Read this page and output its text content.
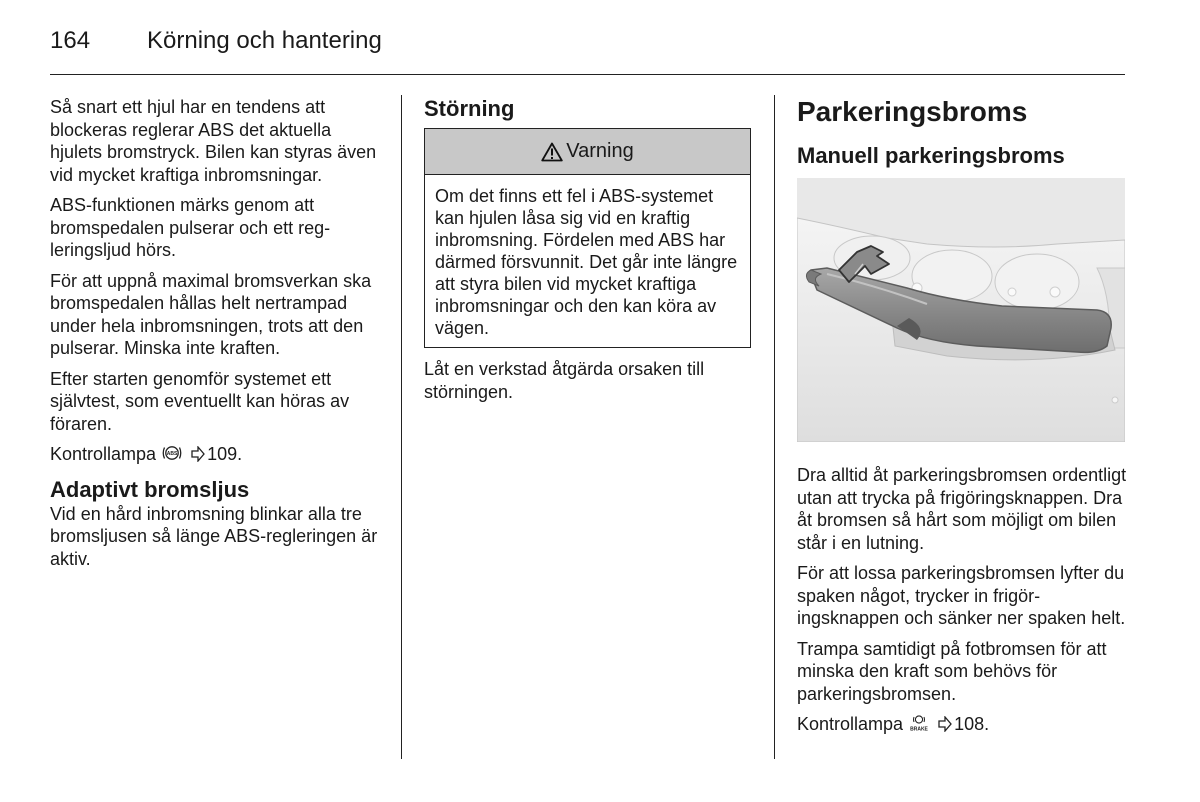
164 Körning och hantering

Så snart ett hjul har en tendens att blockeras reglerar ABS det aktuella hjulets bromstryck. Bilen kan styras även vid mycket kraftiga inbromsningar.

ABS-funktionen märks genom att bromspedalen pulserar och ett regleringsljud hörs.

För att uppnå maximal bromsverkan ska bromspedalen hållas helt nertrampad under hela inbromsningen, trots att den pulserar. Minska inte kraften.

Efter starten genomför systemet ett självtest, som eventuellt kan höras av föraren.

Kontrollampa ABS 109.

Adaptivt bromsljus

Vid en hård inbromsning blinkar alla tre bromsljusen så länge ABS-regleringen är aktiv.

Störning
Varning
Om det finns ett fel i ABS-systemet kan hjulen låsa sig vid en kraftig inbromsning. Fördelen med ABS har därmed försvunnit. Det går inte längre att styra bilen vid mycket kraftiga inbromsningar och den kan köra av vägen.

Låt en verkstad åtgärda orsaken till störningen.

Parkeringsbroms
Manuell parkeringsbroms

Dra alltid åt parkeringsbromsen ordentligt utan att trycka på frigöringsknappen. Dra åt bromsen så hårt som möjligt om bilen står i en lutning.

För att lossa parkeringsbromsen lyfter du spaken något, trycker in frigöringsknappen och sänker ner spaken helt.

Trampa samtidigt på fotbromsen för att minska den kraft som behövs för parkeringsbromsen.

Kontrollampa BRAKE 108.
